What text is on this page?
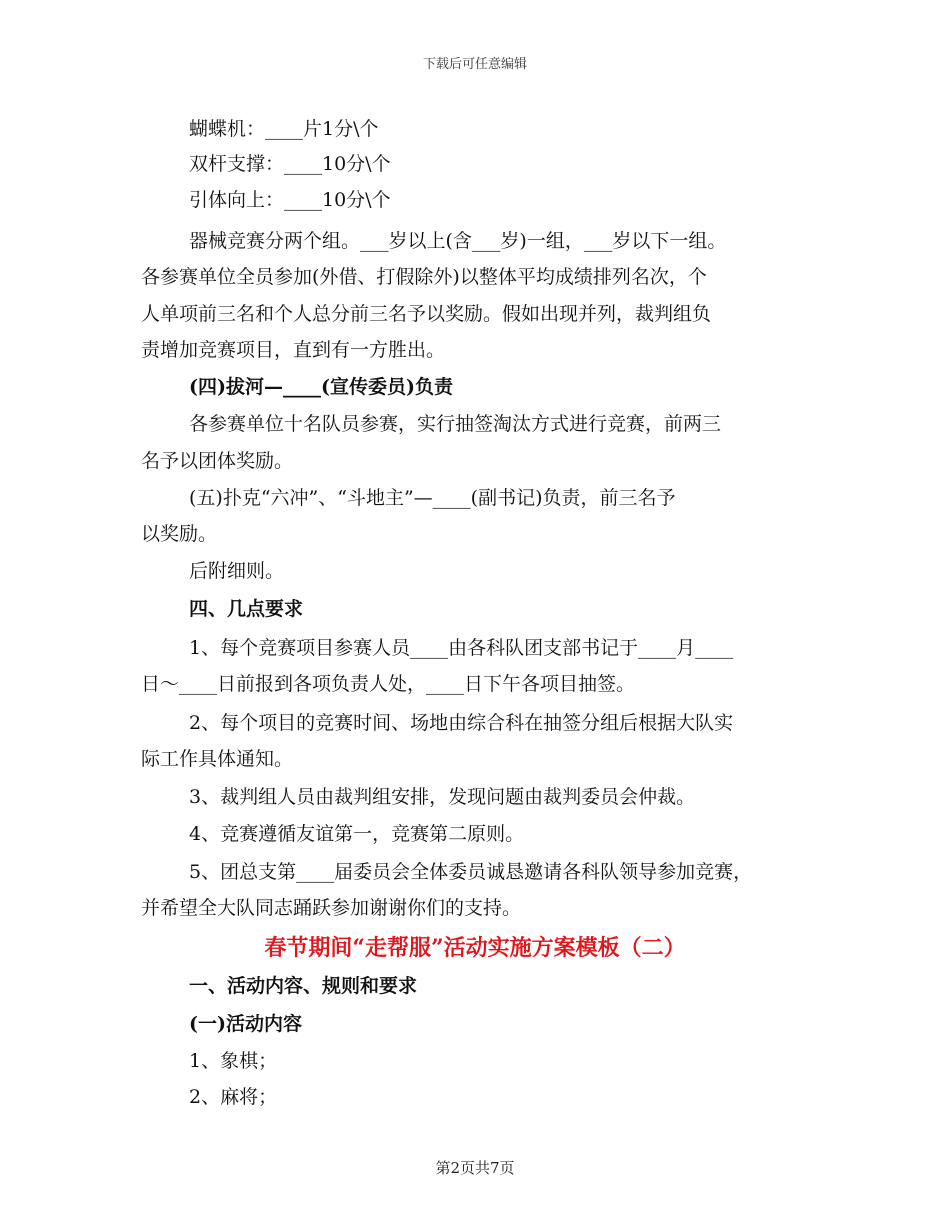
下载后可任意编辑
蝴蝶机：____片1分\个
双杆支撑：____10分\个
引体向上：____10分\个
器械竞赛分两个组。___岁以上(含___岁)一组，___岁以下一组。
各参赛单位全员参加(外借、打假除外)以整体平均成绩排列名次，个
人单项前三名和个人总分前三名予以奖励。假如出现并列，裁判组负
责增加竞赛项目，直到有一方胜出。
(四)拔河—____(宣传委员)负责
各参赛单位十名队员参赛，实行抽签淘汰方式进行竞赛，前两三
名予以团体奖励。
(五)扑克“六冲”、“斗地主”—____(副书记)负责，前三名予
以奖励。
后附细则。
四、几点要求
1、每个竞赛项目参赛人员____由各科队团支部书记于____月____
日～____日前报到各项负责人处，____日下午各项目抽签。
2、每个项目的竞赛时间、场地由综合科在抽签分组后根据大队实
际工作具体通知。
3、裁判组人员由裁判组安排，发现问题由裁判委员会仲裁。
4、竞赛遵循友谊第一，竞赛第二原则。
5、团总支第____届委员会全体委员诚恳邀请各科队领导参加竞赛，
并希望全大队同志踊跃参加谢谢你们的支持。
春节期间“走帮服”活动实施方案模板（二）
一、活动内容、规则和要求
(一)活动内容
1、象棋；
2、麻将；
第2页共7页
